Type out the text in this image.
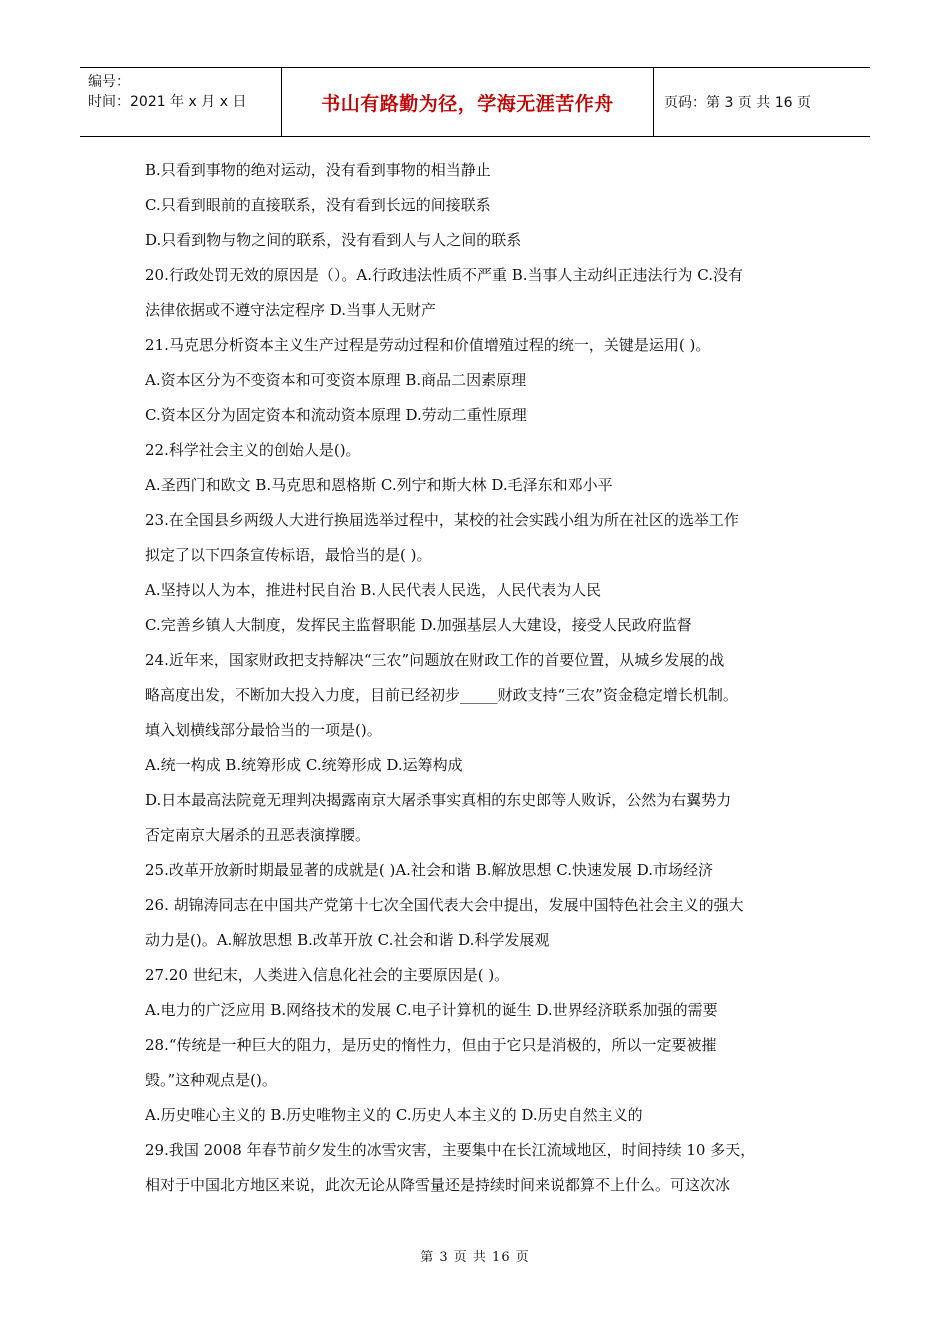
编号：
时间：2021 年 x 月 x 日	书山有路勤为径，学海无涯苦作舟	页码：第 3 页 共 16 页
B.只看到事物的绝对运动，没有看到事物的相当静止
C.只看到眼前的直接联系，没有看到长远的间接联系
D.只看到物与物之间的联系，没有看到人与人之间的联系
20.行政处罚无效的原因是（）。A.行政违法性质不严重 B.当事人主动纠正违法行为 C.没有
法律依据或不遵守法定程序 D.当事人无财产
21.马克思分析资本主义生产过程是劳动过程和价值增殖过程的统一，关键是运用( )。
A.资本区分为不变资本和可变资本原理 B.商品二因素原理
C.资本区分为固定资本和流动资本原理 D.劳动二重性原理
22.科学社会主义的创始人是()。
A.圣西门和欧文 B.马克思和恩格斯 C.列宁和斯大林 D.毛泽东和邓小平
23.在全国县乡两级人大进行换届选举过程中，某校的社会实践小组为所在社区的选举工作
拟定了以下四条宣传标语，最恰当的是( )。
A.坚持以人为本，推进村民自治 B.人民代表人民选，人民代表为人民
C.完善乡镇人大制度，发挥民主监督职能 D.加强基层人大建设，接受人民政府监督
24.近年来，国家财政把支持解决“三农”问题放在财政工作的首要位置，从城乡发展的战
略高度出发，不断加大投入力度，目前已经初步_____财政支持“三农”资金稳定增长机制。
填入划横线部分最恰当的一项是()。
A.统一构成 B.统筹形成 C.统筹形成 D.运筹构成
D.日本最高法院竟无理判决揭露南京大屠杀事实真相的东史郎等人败诉，公然为右翼势力
否定南京大屠杀的丑恶表演撑腰。
25.改革开放新时期最显著的成就是( )A.社会和谐 B.解放思想 C.快速发展 D.市场经济
26. 胡锦涛同志在中国共产党第十七次全国代表大会中提出，发展中国特色社会主义的强大
动力是()。A.解放思想 B.改革开放 C.社会和谐 D.科学发展观
27.20 世纪末，人类进入信息化社会的主要原因是( )。
A.电力的广泛应用 B.网络技术的发展 C.电子计算机的诞生 D.世界经济联系加强的需要
28.“传统是一种巨大的阻力，是历史的惰性力，但由于它只是消极的，所以一定要被摧
毁。”这种观点是()。
A.历史唯心主义的 B.历史唯物主义的 C.历史人本主义的 D.历史自然主义的
29.我国 2008 年春节前夕发生的冰雪灾害，主要集中在长江流域地区，时间持续 10 多天，
相对于中国北方地区来说，此次无论从降雪量还是持续时间来说都算不上什么。可这次冰
第 3 页 共 16 页
